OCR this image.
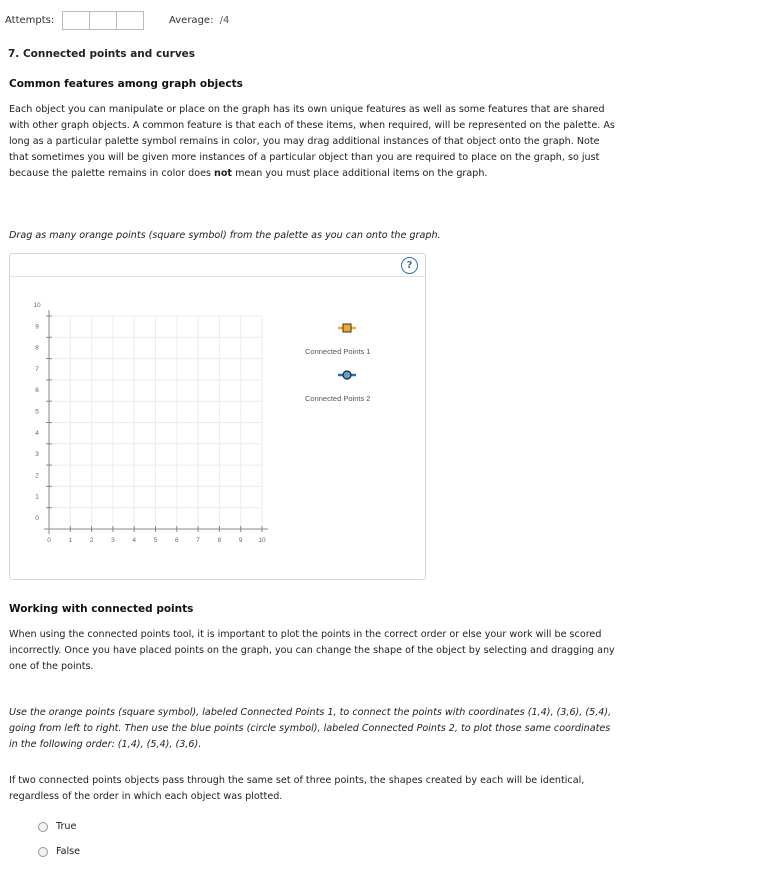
Attempts:	Average: /4
7. Connected points and curves
Common features among graph objects
Each object you can manipulate or place on the graph has its own unique features as well as some features that are shared with other graph objects. A common feature is that each of these items, when required, will be represented on the palette. As long as a particular palette symbol remains in color, you may drag additional instances of that object onto the graph. Note that sometimes you will be given more instances of a particular object than you are required to place on the graph, so just because the palette remains in color does not mean you must place additional items on the graph.
Drag as many orange points (square symbol) from the palette as you can onto the graph.
?
10
9
8
7
6
5
4
3
2
1
0
0	1	2	3	4	5	6	7	8	9 10
Connected Points 1
Connected Points 2
Working with connected points
When using the connected points tool, it is important to plot the points in the correct order or else your work will be scored incorrectly. Once you have placed points on the graph, you can change the shape of the object by selecting and dragging any one of the points.
Use the orange points (square symbol), labeled Connected Points 1, to connect the points with coordinates (1,4), (3,6), (5,4), going from left to right. Then use the blue points (circle symbol), labeled Connected Points 2, to plot those same coordinates in the following order: (1,4), (5,4), (3,6).
If two connected points objects pass through the same set of three points, the shapes created by each will be identical, regardless of the order in which each object was plotted.
True
False
